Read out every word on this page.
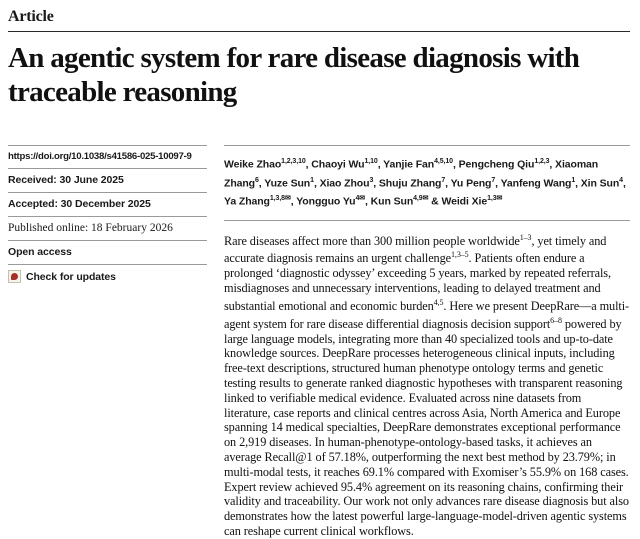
Article
An agentic system for rare disease diagnosis with traceable reasoning
https://doi.org/10.1038/s41586-025-10097-9
Received: 30 June 2025
Accepted: 30 December 2025
Published online: 18 February 2026
Open access
Check for updates

Weike Zhao$^{1,2,3,10}$, Chaoyi Wu$^{1,10}$, Yanjie Fan$^{4,5,10}$, Pengcheng Qiu$^{1,2,3}$, Xiaoman Zhang$^6$, Yuze Sun$^1$, Xiao Zhou$^3$, Shuju Zhang$^7$, Yu Peng$^7$, Yanfeng Wang$^1$, Xin Sun$^4$, Ya Zhang$^{1,3,8✉}$, Yongguo $Yu^{4✉}$, Kun Sun$^{4,9✉}$ & Weidi Xie$^{1,3✉}$

Rare diseases affect more than 300 million people worldwide$^{1-3}$, yet timely and accurate diagnosis remains an urgent challenge$^{1,3-5}$. Patients often endure a prolonged ‘diagnostic odyssey’ exceeding 5 years, marked by repeated referrals, misdiagnoses and unnecessary interventions, leading to delayed treatment and substantial emotional and economic burden$^{4,5}$. Here we present DeepRare—a multi-agent system for rare disease differential diagnosis decision support$^{6-8}$ powered by large language models, integrating more than 40 specialized tools and up-to-date knowledge sources. DeepRare processes heterogeneous clinical inputs, including free-text descriptions, structured human phenotype ontology terms and genetic testing results to generate ranked diagnostic hypotheses with transparent reasoning linked to verifiable medical evidence. Evaluated across nine datasets from literature, case reports and clinical centres across Asia, North America and Europe spanning 14 medical specialties, DeepRare demonstrates exceptional performance on 2,919 diseases. In human-phenotype-ontology-based tasks, it achieves an average Recall@1 of 57.18%, outperforming the next best method by 23.79%; in multi-modal tests, it reaches 69.1% compared with Exomiser’s 55.9% on 168 cases. Expert review achieved 95.4% agreement on its reasoning chains, confirming their validity and traceability. Our work not only advances rare disease diagnosis but also demonstrates how the latest powerful large-language-model-driven agentic systems can reshape current clinical workflows.
